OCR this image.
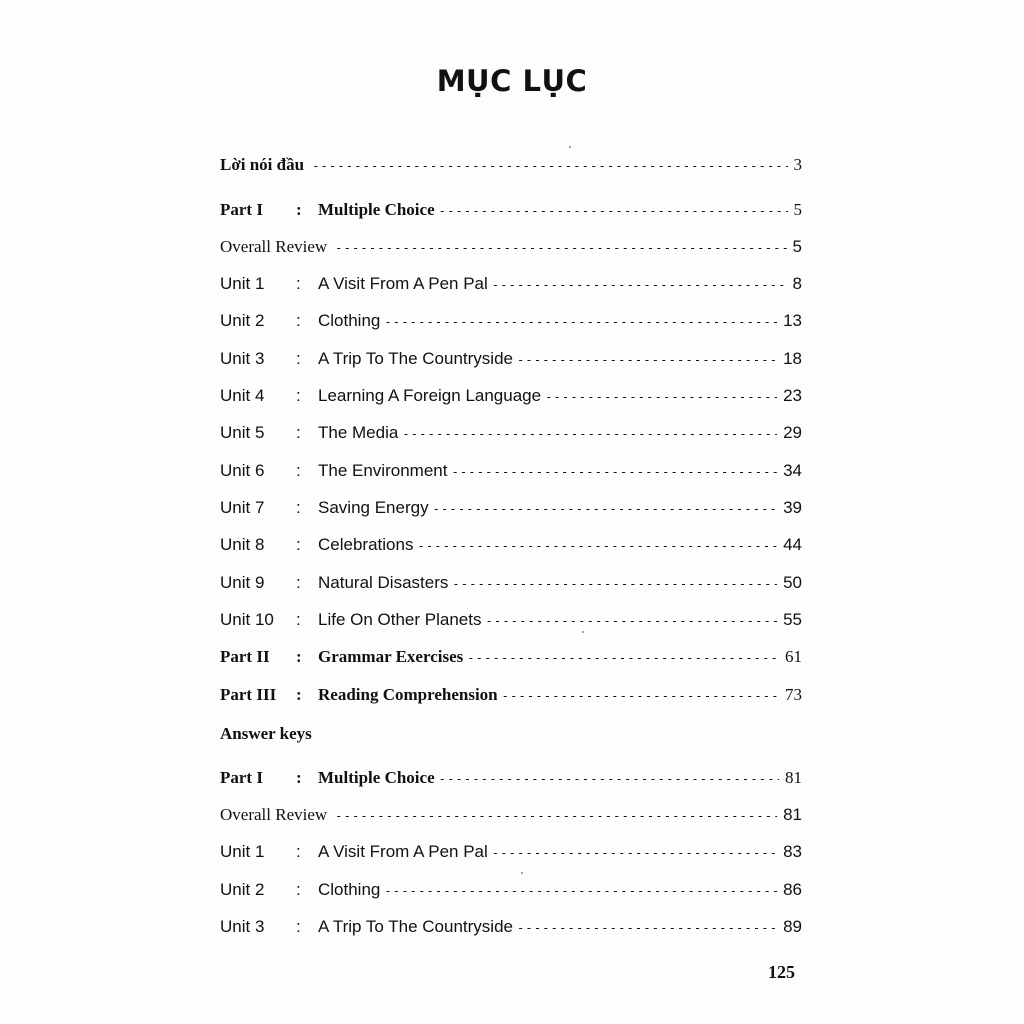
MỤC LỤC
Lời nói đầu -----	3
Part I	: Multiple Choice -----	5
Overall Review -----	5
Unit 1	:	A Visit From A Pen Pal -----	8
Unit 2	:	Clothing -----	13
Unit 3	:	A Trip To The Countryside -----	18
Unit 4	:	Learning A Foreign Language -----	23
Unit 5	:	The Media -----	29
Unit 6	:	The Environment -----	34
Unit 7	:	Saving Energy -----	39
Unit 8	:	Celebrations -----	44
Unit 9	:	Natural Disasters -----	50
Unit 10	:	Life On Other Planets -----	55
Part II	: Grammar Exercises -----	61
Part III	: Reading Comprehension -----	73
Answer keys
Part I	: Multiple Choice -----	81
Overall Review -----	81
Unit 1	:	A Visit From A Pen Pal -----	83
Unit 2	:	Clothing -----	86
Unit 3	:	A Trip To The Countryside -----	89
125
